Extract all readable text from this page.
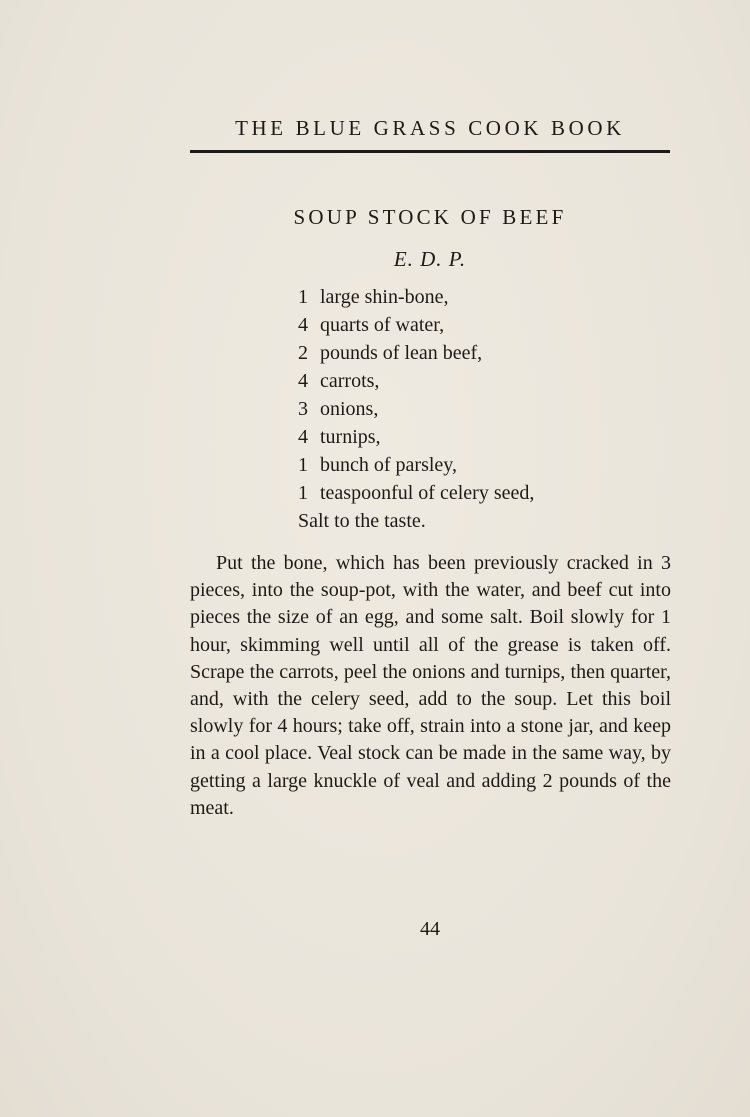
THE BLUE GRASS COOK BOOK
SOUP STOCK OF BEEF
E. D. P.
1 large shin-bone,
4 quarts of water,
2 pounds of lean beef,
4 carrots,
3 onions,
4 turnips,
1 bunch of parsley,
1 teaspoonful of celery seed,
Salt to the taste.

Put the bone, which has been previously cracked in 3 pieces, into the soup-pot, with the water, and beef cut into pieces the size of an egg, and some salt. Boil slowly for 1 hour, skimming well until all of the grease is taken off. Scrape the carrots, peel the onions and turnips, then quarter, and, with the celery seed, add to the soup. Let this boil slowly for 4 hours; take off, strain into a stone jar, and keep in a cool place. Veal stock can be made in the same way, by getting a large knuckle of veal and adding 2 pounds of the meat.

44
